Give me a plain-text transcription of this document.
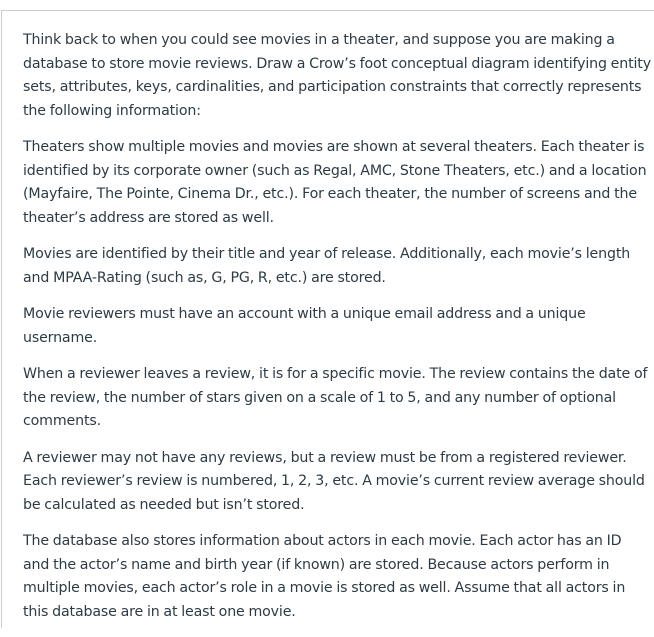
Think back to when you could see movies in a theater, and suppose you are making a database to store movie reviews. Draw a Crow’s foot conceptual diagram identifying entity sets, attributes, keys, cardinalities, and participation constraints that correctly represents the following information:

Theaters show multiple movies and movies are shown at several theaters. Each theater is identified by its corporate owner (such as Regal, AMC, Stone Theaters, etc.) and a location (Mayfaire, The Pointe, Cinema Dr., etc.). For each theater, the number of screens and the theater’s address are stored as well.

Movies are identified by their title and year of release. Additionally, each movie’s length and MPAA-Rating (such as, G, PG, R, etc.) are stored.

Movie reviewers must have an account with a unique email address and a unique username.

When a reviewer leaves a review, it is for a specific movie. The review contains the date of the review, the number of stars given on a scale of 1 to 5, and any number of optional comments.

A reviewer may not have any reviews, but a review must be from a registered reviewer. Each reviewer’s review is numbered, 1, 2, 3, etc. A movie’s current review average should be calculated as needed but isn’t stored.

The database also stores information about actors in each movie. Each actor has an ID and the actor’s name and birth year (if known) are stored. Because actors perform in multiple movies, each actor’s role in a movie is stored as well. Assume that all actors in this database are in at least one movie.
